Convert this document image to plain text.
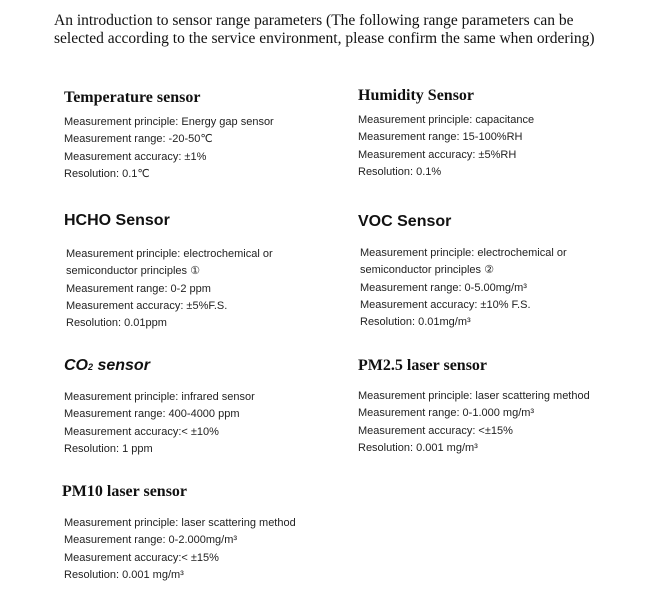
An introduction to sensor range parameters (The following range parameters can be selected according to the service environment, please confirm the same when ordering)
Temperature sensor
Measurement principle: Energy gap sensor
Measurement range: -20-50℃
Measurement accuracy: ±1%
Resolution: 0.1℃
Humidity Sensor
Measurement principle: capacitance
Measurement range: 15-100%RH
Measurement accuracy: ±5%RH
Resolution: 0.1%
HCHO Sensor
Measurement principle: electrochemical or
semiconductor principles ①
Measurement range: 0-2 ppm
Measurement accuracy: ±5%F.S.
Resolution: 0.01ppm
VOC Sensor
Measurement principle: electrochemical or
semiconductor principles ②
Measurement range: 0-5.00mg/m³
Measurement accuracy: ±10% F.S.
Resolution: 0.01mg/m³
CO2 sensor
Measurement principle: infrared sensor
Measurement range: 400-4000 ppm
Measurement accuracy:< ±10%
Resolution: 1 ppm
PM2.5 laser sensor
Measurement principle: laser scattering method
Measurement range: 0-1.000 mg/m³
Measurement accuracy: <±15%
Resolution: 0.001 mg/m³
PM10 laser sensor
Measurement principle: laser scattering method
Measurement range: 0-2.000mg/m³
Measurement accuracy:< ±15%
Resolution: 0.001 mg/m³
